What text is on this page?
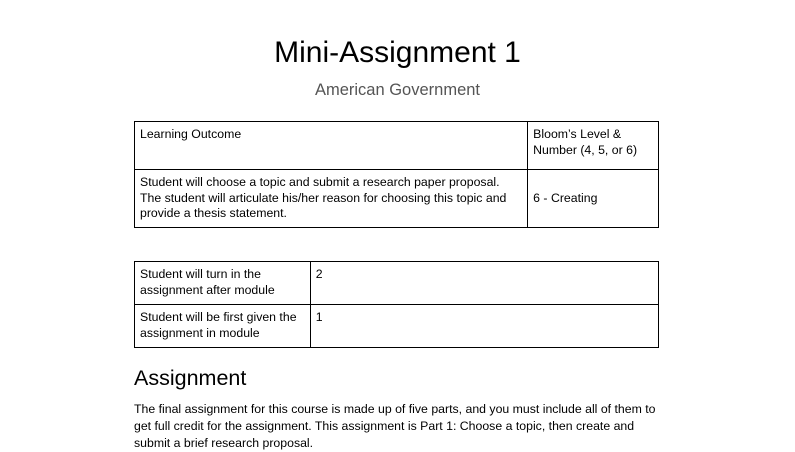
Mini-Assignment 1

American Government

Learning Outcome	Bloom’s Level & Number (4, 5, or 6)
Student will choose a topic and submit a research paper proposal. The student will articulate his/her reason for choosing this topic and provide a thesis statement.	6 - Creating
Student will turn in the assignment after module	2
Student will be first given the assignment in module	1
Assignment

The final assignment for this course is made up of five parts, and you must include all of them to get full credit for the assignment. This assignment is Part 1: Choose a topic, then create and submit a brief research proposal.
